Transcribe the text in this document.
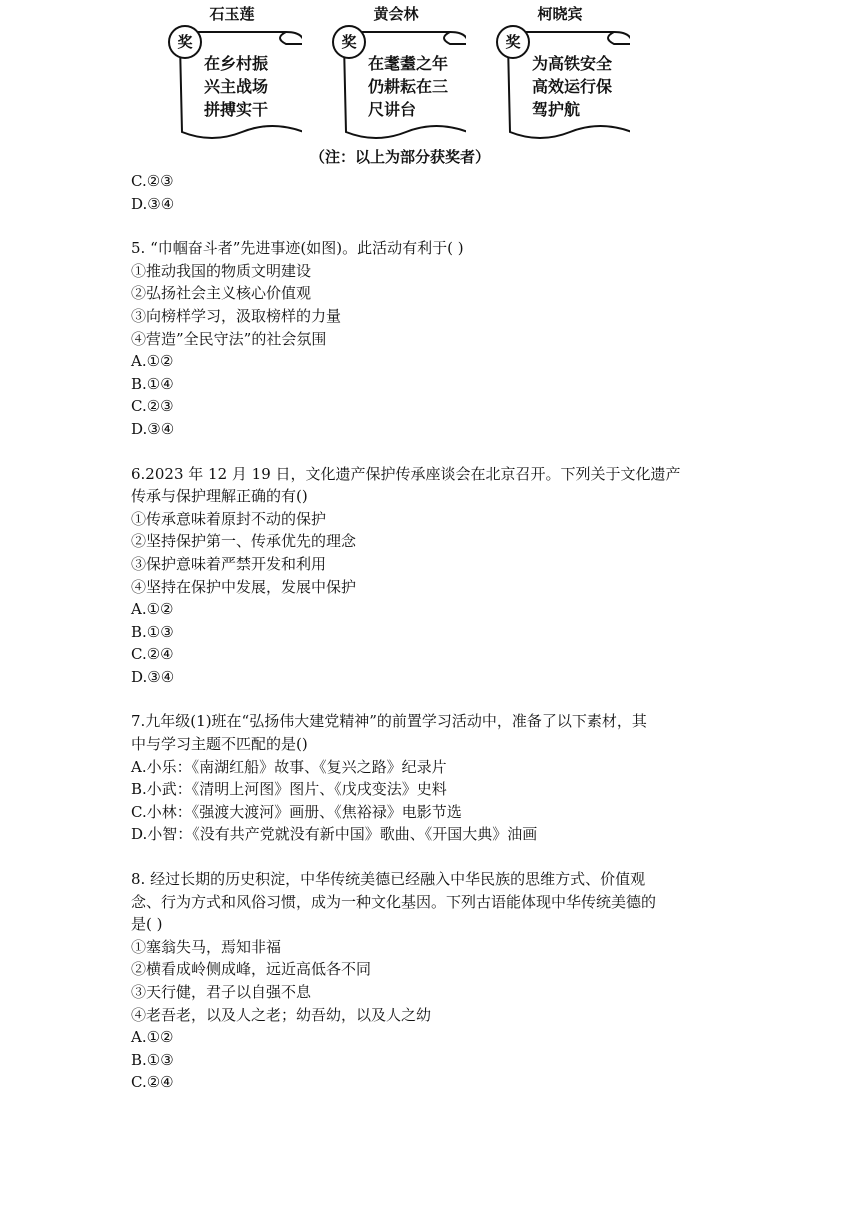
石玉莲
奖
在乡村振
兴主战场
拼搏实干
黄会林
奖
在耄耋之年
仍耕耘在三
尺讲台
柯晓宾
奖
为高铁安全
高效运行保
驾护航
（注：以上为部分获奖者）
C.②③
D.③④
5. “巾帼奋斗者”先进事迹(如图)。此活动有利于( )
①推动我国的物质文明建设
②弘扬社会主义核心价值观
③向榜样学习，汲取榜样的力量
④营造”全民守法”的社会氛围
A.①②
B.①④
C.②③
D.③④
6.2023 年 12 月 19 日，文化遗产保护传承座谈会在北京召开。下列关于文化遗产
传承与保护理解正确的有()
①传承意味着原封不动的保护
②坚持保护第一、传承优先的理念
③保护意味着严禁开发和利用
④坚持在保护中发展，发展中保护
A.①②
B.①③
C.②④
D.③④
7.九年级(1)班在“弘扬伟大建党精神”的前置学习活动中，准备了以下素材，其
中与学习主题不匹配的是()
A.小乐：《南湖红船》故事、《复兴之路》纪录片
B.小武：《清明上河图》图片、《戊戌变法》史料
C.小林：《强渡大渡河》画册、《焦裕禄》电影节选
D.小智：《没有共产党就没有新中国》歌曲、《开国大典》油画
8. 经过长期的历史积淀，中华传统美德已经融入中华民族的思维方式、价值观
念、行为方式和风俗习惯，成为一种文化基因。下列古语能体现中华传统美德的
是( )
①塞翁失马，焉知非福
②横看成岭侧成峰，远近高低各不同
③天行健，君子以自强不息
④老吾老，以及人之老；幼吾幼，以及人之幼
A.①②
B.①③
C.②④
